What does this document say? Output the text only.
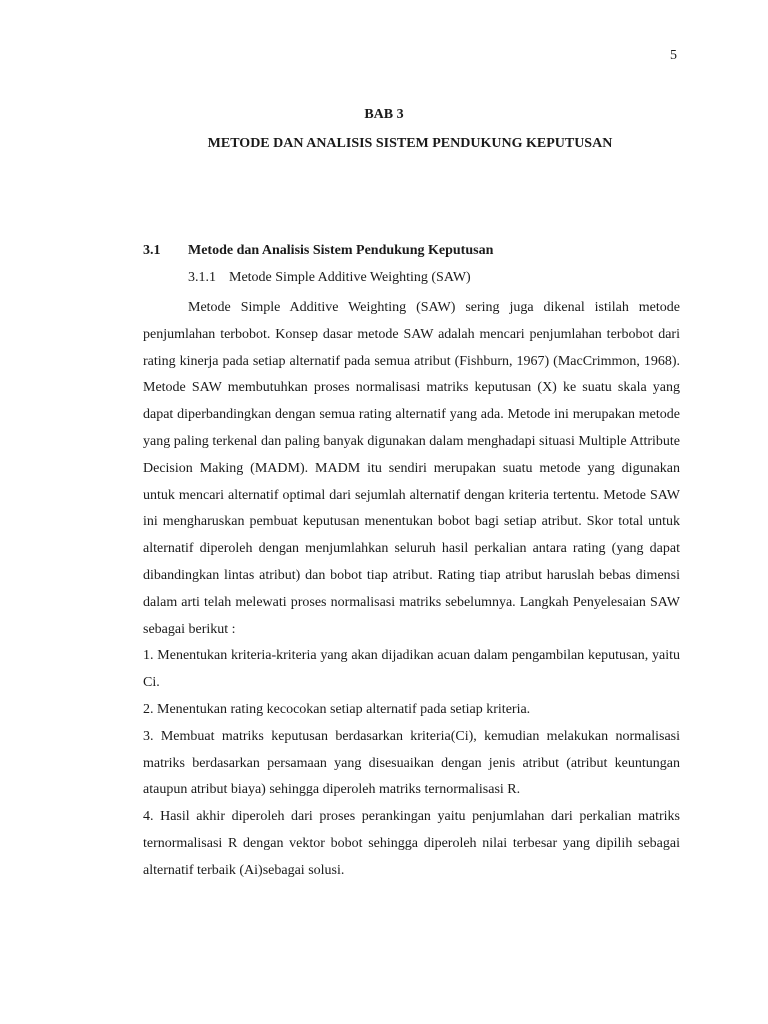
5
BAB 3
METODE DAN ANALISIS SISTEM PENDUKUNG KEPUTUSAN
3.1 Metode dan Analisis Sistem Pendukung Keputusan
3.1.1 Metode Simple Additive Weighting (SAW)

Metode Simple Additive Weighting (SAW) sering juga dikenal istilah metode penjumlahan terbobot. Konsep dasar metode SAW adalah mencari penjumlahan terbobot dari rating kinerja pada setiap alternatif pada semua atribut (Fishburn, 1967) (MacCrimmon, 1968). Metode SAW membutuhkan proses normalisasi matriks keputusan (X) ke suatu skala yang dapat diperbandingkan dengan semua rating alternatif yang ada. Metode ini merupakan metode yang paling terkenal dan paling banyak digunakan dalam menghadapi situasi Multiple Attribute Decision Making (MADM). MADM itu sendiri merupakan suatu metode yang digunakan untuk mencari alternatif optimal dari sejumlah alternatif dengan kriteria tertentu. Metode SAW ini mengharuskan pembuat keputusan menentukan bobot bagi setiap atribut. Skor total untuk alternatif diperoleh dengan menjumlahkan seluruh hasil perkalian antara rating (yang dapat dibandingkan lintas atribut) dan bobot tiap atribut. Rating tiap atribut haruslah bebas dimensi dalam arti telah melewati proses normalisasi matriks sebelumnya. Langkah Penyelesaian SAW sebagai berikut :

1. Menentukan kriteria-kriteria yang akan dijadikan acuan dalam pengambilan keputusan, yaitu Ci.

2. Menentukan rating kecocokan setiap alternatif pada setiap kriteria.

3. Membuat matriks keputusan berdasarkan kriteria(Ci), kemudian melakukan normalisasi matriks berdasarkan persamaan yang disesuaikan dengan jenis atribut (atribut keuntungan ataupun atribut biaya) sehingga diperoleh matriks ternormalisasi R.

4. Hasil akhir diperoleh dari proses perankingan yaitu penjumlahan dari perkalian matriks ternormalisasi R dengan vektor bobot sehingga diperoleh nilai terbesar yang dipilih sebagai alternatif terbaik (Ai)sebagai solusi.
